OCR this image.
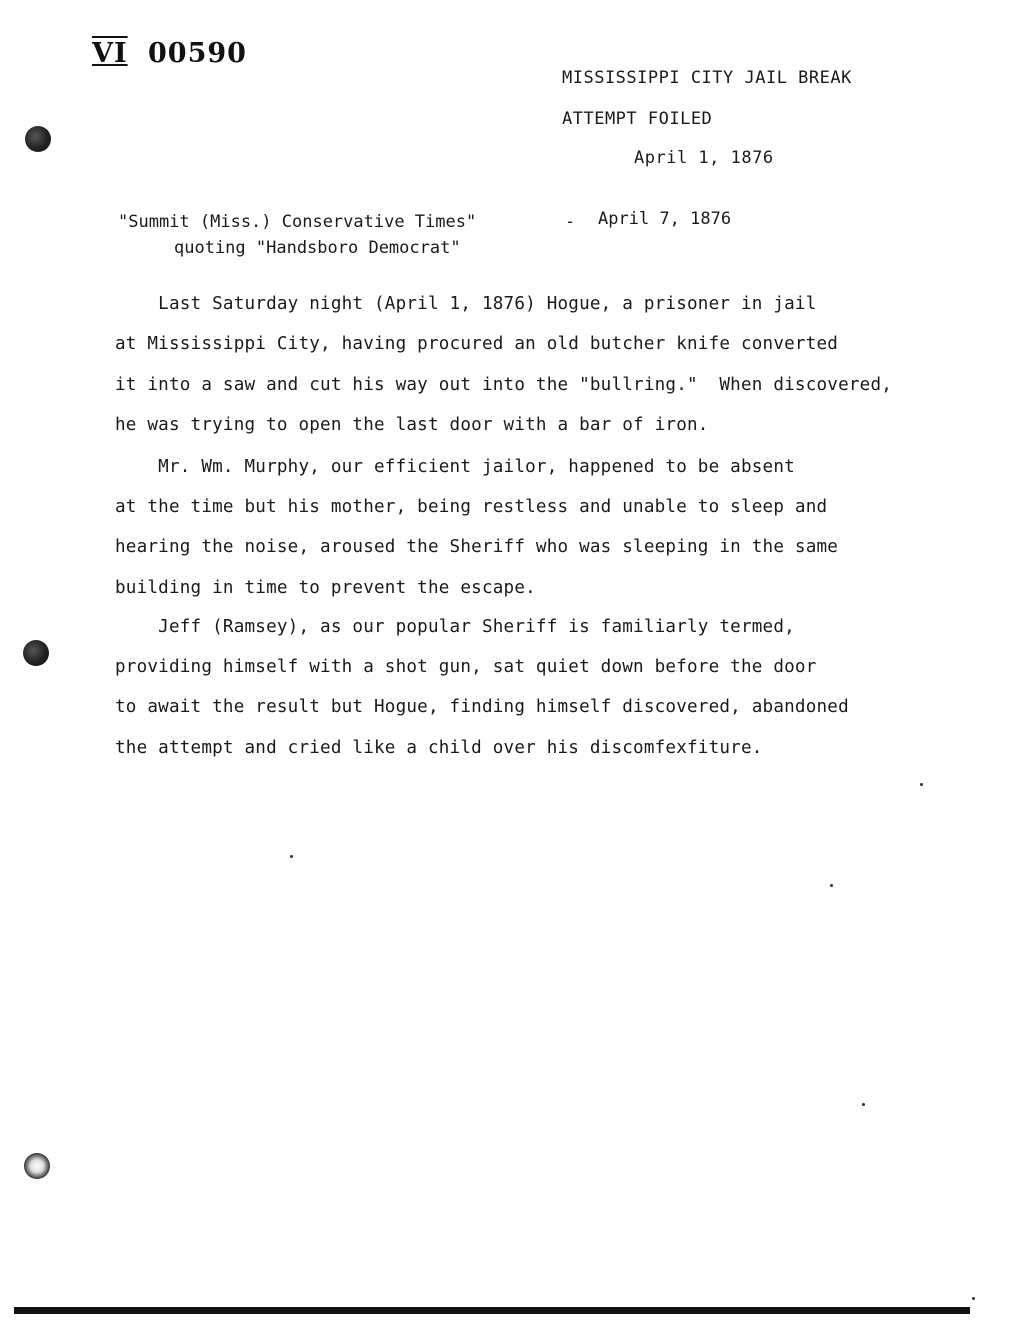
VI 00590
MISSISSIPPI CITY JAIL BREAK
ATTEMPT FOILED
April 1, 1876
"Summit (Miss.) Conservative Times"	- April 7, 1876
quoting "Handsboro Democrat"
Last Saturday night (April 1, 1876) Hogue, a prisoner in jail
at Mississippi City, having procured an old butcher knife converted
it into a saw and cut his way out into the "bullring."  When discovered,
he was trying to open the last door with a bar of iron.
Mr. Wm. Murphy, our efficient jailor, happened to be absent
at the time but his mother, being restless and unable to sleep and
hearing the noise, aroused the Sheriff who was sleeping in the same
building in time to prevent the escape.
Jeff (Ramsey), as our popular Sheriff is familiarly termed,
providing himself with a shot gun, sat quiet down before the door
to await the result but Hogue, finding himself discovered, abandoned
the attempt and cried like a child over his discomfexfiture.
